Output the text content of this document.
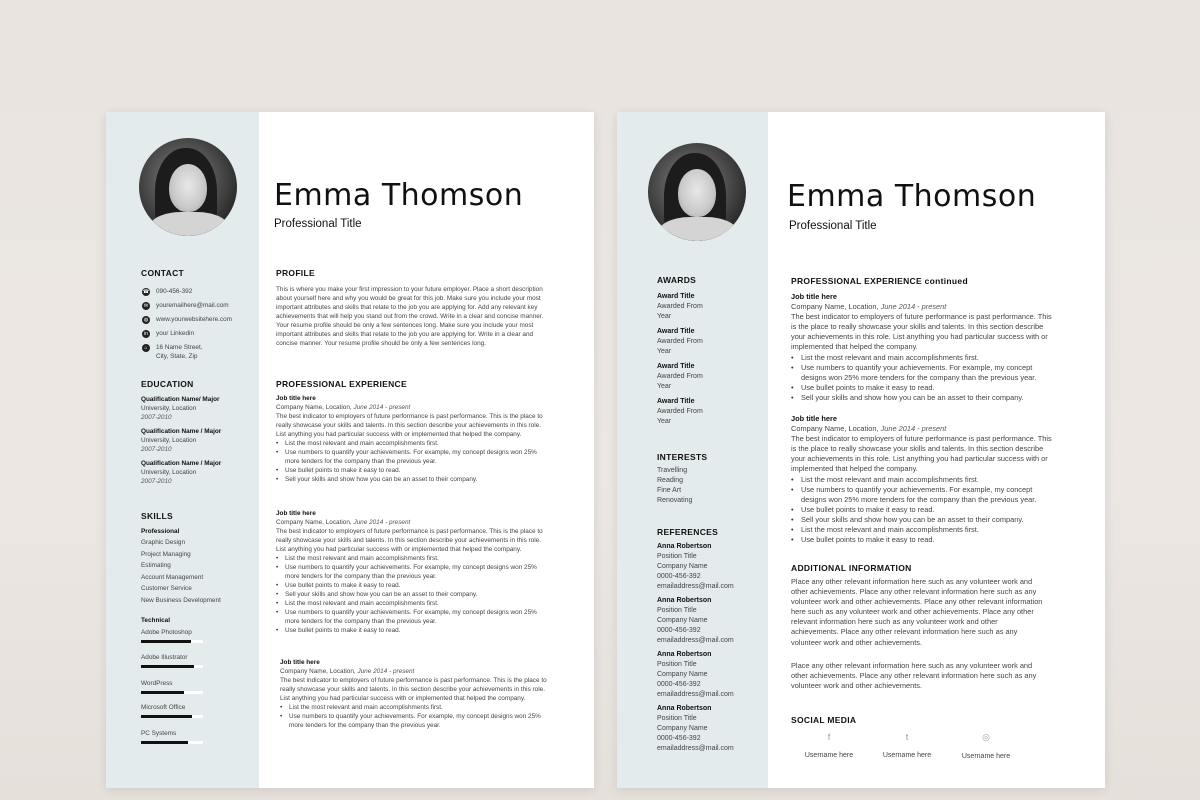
CONTACT
☎ 090-456-392
✉ youremailhere@mail.com
◍ www.yourwebsitehere.com
in	your Linkedin
⌂	16 Name Street,
City, State, Zip
EDUCATION
Qualification Name/ Major
University, Location
2007-2010
Qualification Name / Major
University, Location
2007-2010
Qualification Name / Major
University, Location
2007-2010
SKILLS
Professional
Graphic Design
Project Managing
Estimating
Account Management
Customer Service
New Business Development
Technical
Adobe Photoshop
Adobe Illustrator
WordPress
Microsoft Office
PC Systems
Emma Thomson
Professional Title
PROFILE
This is where you make your first impression to your future employer. Place a short description about yourself here and why you would be great for this job. Make sure you include your most important attributes and skills that relate to the job you are applying for. Add any relevant key achievements that will help you stand out from the crowd. Write in a clear and concise manner. Your resume profile should be only a few sentences long. Make sure you include your most important attributes and skills that relate to the job you are applying for. Write in a clear and concise manner. Your resume profile should be only a few sentences long.
PROFESSIONAL EXPERIENCE
Job title here
Company Name, Location, June 2014 - present
The best indicator to employers of future performance is past performance. This is the place to really showcase your skills and talents. In this section describe your achievements in this role. List anything you had particular success with or implemented that helped the company.
• List the most relevant and main accomplishments first.
• Use numbers to quantify your achievements. For example, my concept designs won 25% more tenders for the company than the previous year.
• Use bullet points to make it easy to read.
• Sell your skills and show how you can be an asset to their company.
Job title here
Company Name, Location, June 2014 - present
The best indicator to employers of future performance is past performance. This is the place to really showcase your skills and talents. In this section describe your achievements in this role. List anything you had particular success with or implemented that helped the company.
• List the most relevant and main accomplishments first.
• Use numbers to quantify your achievements. For example, my concept designs won 25% more tenders for the company than the previous year.
• Use bullet points to make it easy to read.
• Sell your skills and show how you can be an asset to their company.
• List the most relevant and main accomplishments first.
• Use numbers to quantify your achievements. For example, my concept designs won 25% more tenders for the company than the previous year.
• Use bullet points to make it easy to read.
Job title here
Company Name, Location, June 2014 - present
The best indicator to employers of future performance is past performance. This is the place to really showcase your skills and talents. In this section describe your achievements in this role. List anything you had particular success with or implemented that helped the company.
• List the most relevant and main accomplishments first.
• Use numbers to quantify your achievements. For example, my concept designs won 25% more tenders for the company than the previous year.
AWARDS
Award Title
Awarded From
Year
Award Title
Awarded From
Year
Award Title
Awarded From
Year
Award Title
Awarded From
Year
INTERESTS
Travelling
Reading
Fine Art
Renovating
REFERENCES
Anna Robertson
Position Title
Company Name
0000-456-392
emailaddress@mail.com
Anna Robertson
Position Title
Company Name
0000-456-392
emailaddress@mail.com
Anna Robertson
Position Title
Company Name
0000-456-392
emailaddress@mail.com
Anna Robertson
Position Title
Company Name
0000-456-392
emailaddress@mail.com
Emma Thomson
Professional Title
PROFESSIONAL EXPERIENCE continued
Job title here
Company Name, Location, June 2014 - present
The best indicator to employers of future performance is past performance. This is the place to really showcase your skills and talents. In this section describe your achievements in this role. List anything you had particular success with or implemented that helped the company.
• List the most relevant and main accomplishments first.
• Use numbers to quantify your achievements. For example, my concept designs won 25% more tenders for the company than the previous year.
• Use bullet points to make it easy to read.
• Sell your skills and show how you can be an asset to their company.
Job title here
Company Name, Location, June 2014 - present
The best indicator to employers of future performance is past performance. This is the place to really showcase your skills and talents. In this section describe your achievements in this role. List anything you had particular success with or implemented that helped the company.
• List the most relevant and main accomplishments first.
• Use numbers to quantify your achievements. For example, my concept designs won 25% more tenders for the company than the previous year.
• Use bullet points to make it easy to read.
• Sell your skills and show how you can be an asset to their company.
• List the most relevant and main accomplishments first.
• Use bullet points to make it easy to read.
ADDITIONAL INFORMATION
Place any other relevant information here such as any volunteer work and other achievements. Place any other relevant information here such as any volunteer work and other achievements. Place any other relevant information here such as any volunteer work and other achievements. Place any other relevant information here such as any volunteer work and other achievements. Place any other relevant information here such as any volunteer work and other achievements.
Place any other relevant information here such as any volunteer work and other achievements. Place any other relevant information here such as any volunteer work and other achievements.
SOCIAL MEDIA
f
Username here
t
Username here
◎
Username here
